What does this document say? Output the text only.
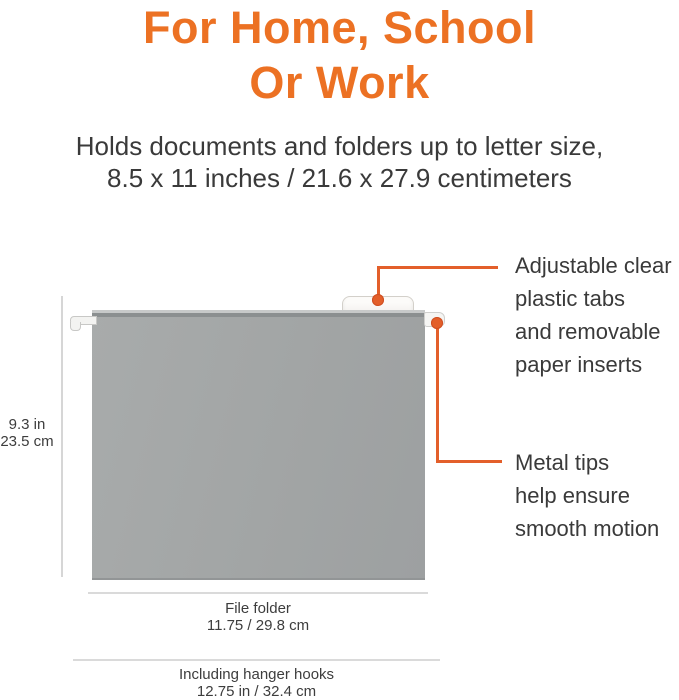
For Home, School
Or Work
Holds documents and folders up to letter size,
8.5 x 11 inches / 21.6 x 27.9 centimeters
9.3 in
23.5 cm
Adjustable clear
plastic tabs
and removable
paper inserts
Metal tips
help ensure
smooth motion
File folder
11.75 / 29.8 cm
Including hanger hooks
12.75 in / 32.4 cm
